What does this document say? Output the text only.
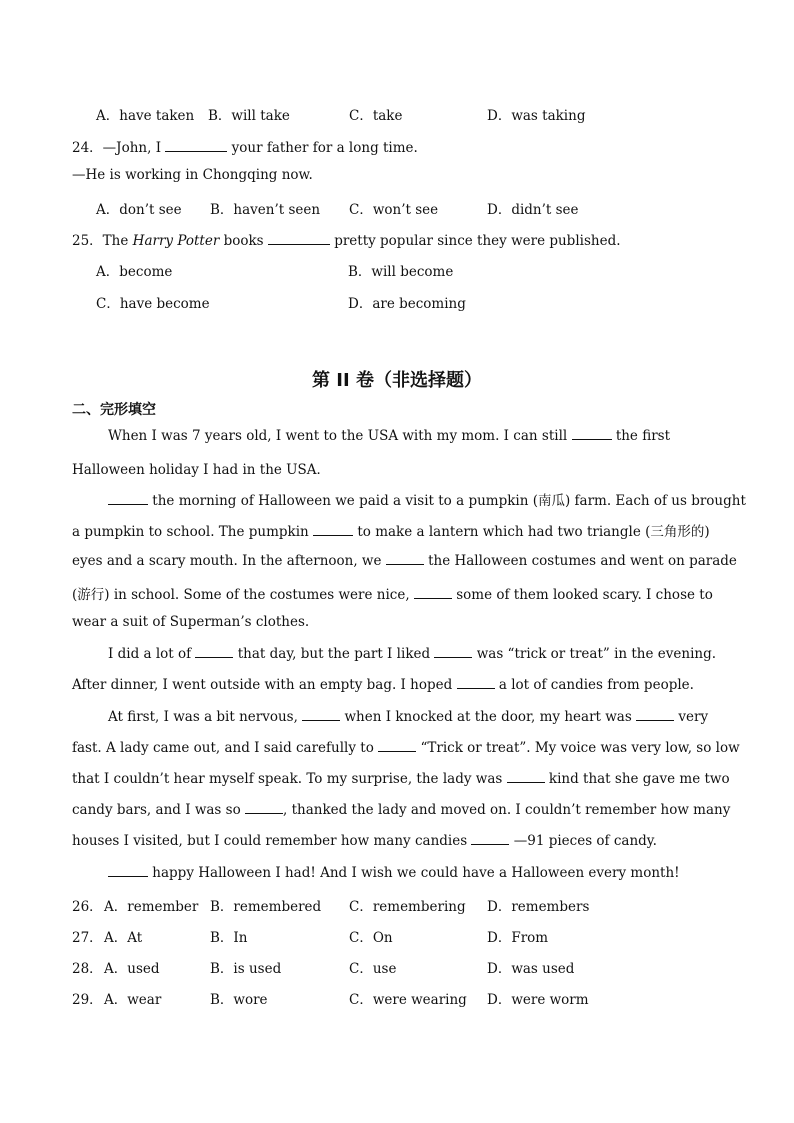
A．have taken B．will take	C．take	D．was taking
24．—John, I	your father for a long time.
—He is working in Chongqing now.
A．don’t see B．haven’t seen C．won’t see	D．didn’t see
25．The Harry Potter books	pretty popular since they were published.
A．become	B．will become
C．have become	D．are becoming
第 II 卷（非选择题）
二、完形填空
When I was 7 years old, I went to the USA with my mom. I can still	the first
Halloween holiday I had in the USA．
the morning of Halloween we paid a visit to a pumpkin (南瓜) farm. Each of us brought
a pumpkin to school. The pumpkin	to make a lantern which had two triangle (三角形的)
eyes and a scary mouth. In the afternoon, we	the Halloween costumes and went on parade
(游行) in school. Some of the costumes were nice,	some of them looked scary. I chose to
wear a suit of Superman’s clothes.
I did a lot of	that day, but the part I liked	was “trick or treat” in the evening.
After dinner, I went outside with an empty bag. I hoped	a lot of candies from people.
At first, I was a bit nervous,	when I knocked at the door, my heart was	very
fast. A lady came out, and I said carefully to	“Trick or treat”. My voice was very low, so low
that I couldn’t hear myself speak. To my surprise, the lady was	kind that she gave me two
candy bars, and I was so	, thanked the lady and moved on. I couldn’t remember how many
houses I visited, but I could remember how many candies	—91 pieces of candy.
happy Halloween I had! And I wish we could have a Halloween every month!
26． A．remember B．remembered C．remembering D．remembers
27． A．At	B．In	C．On	D．From
28． A．used	B．is used	C．use	D．was used
29． A．wear	B．wore	C．were wearing D．were worm
